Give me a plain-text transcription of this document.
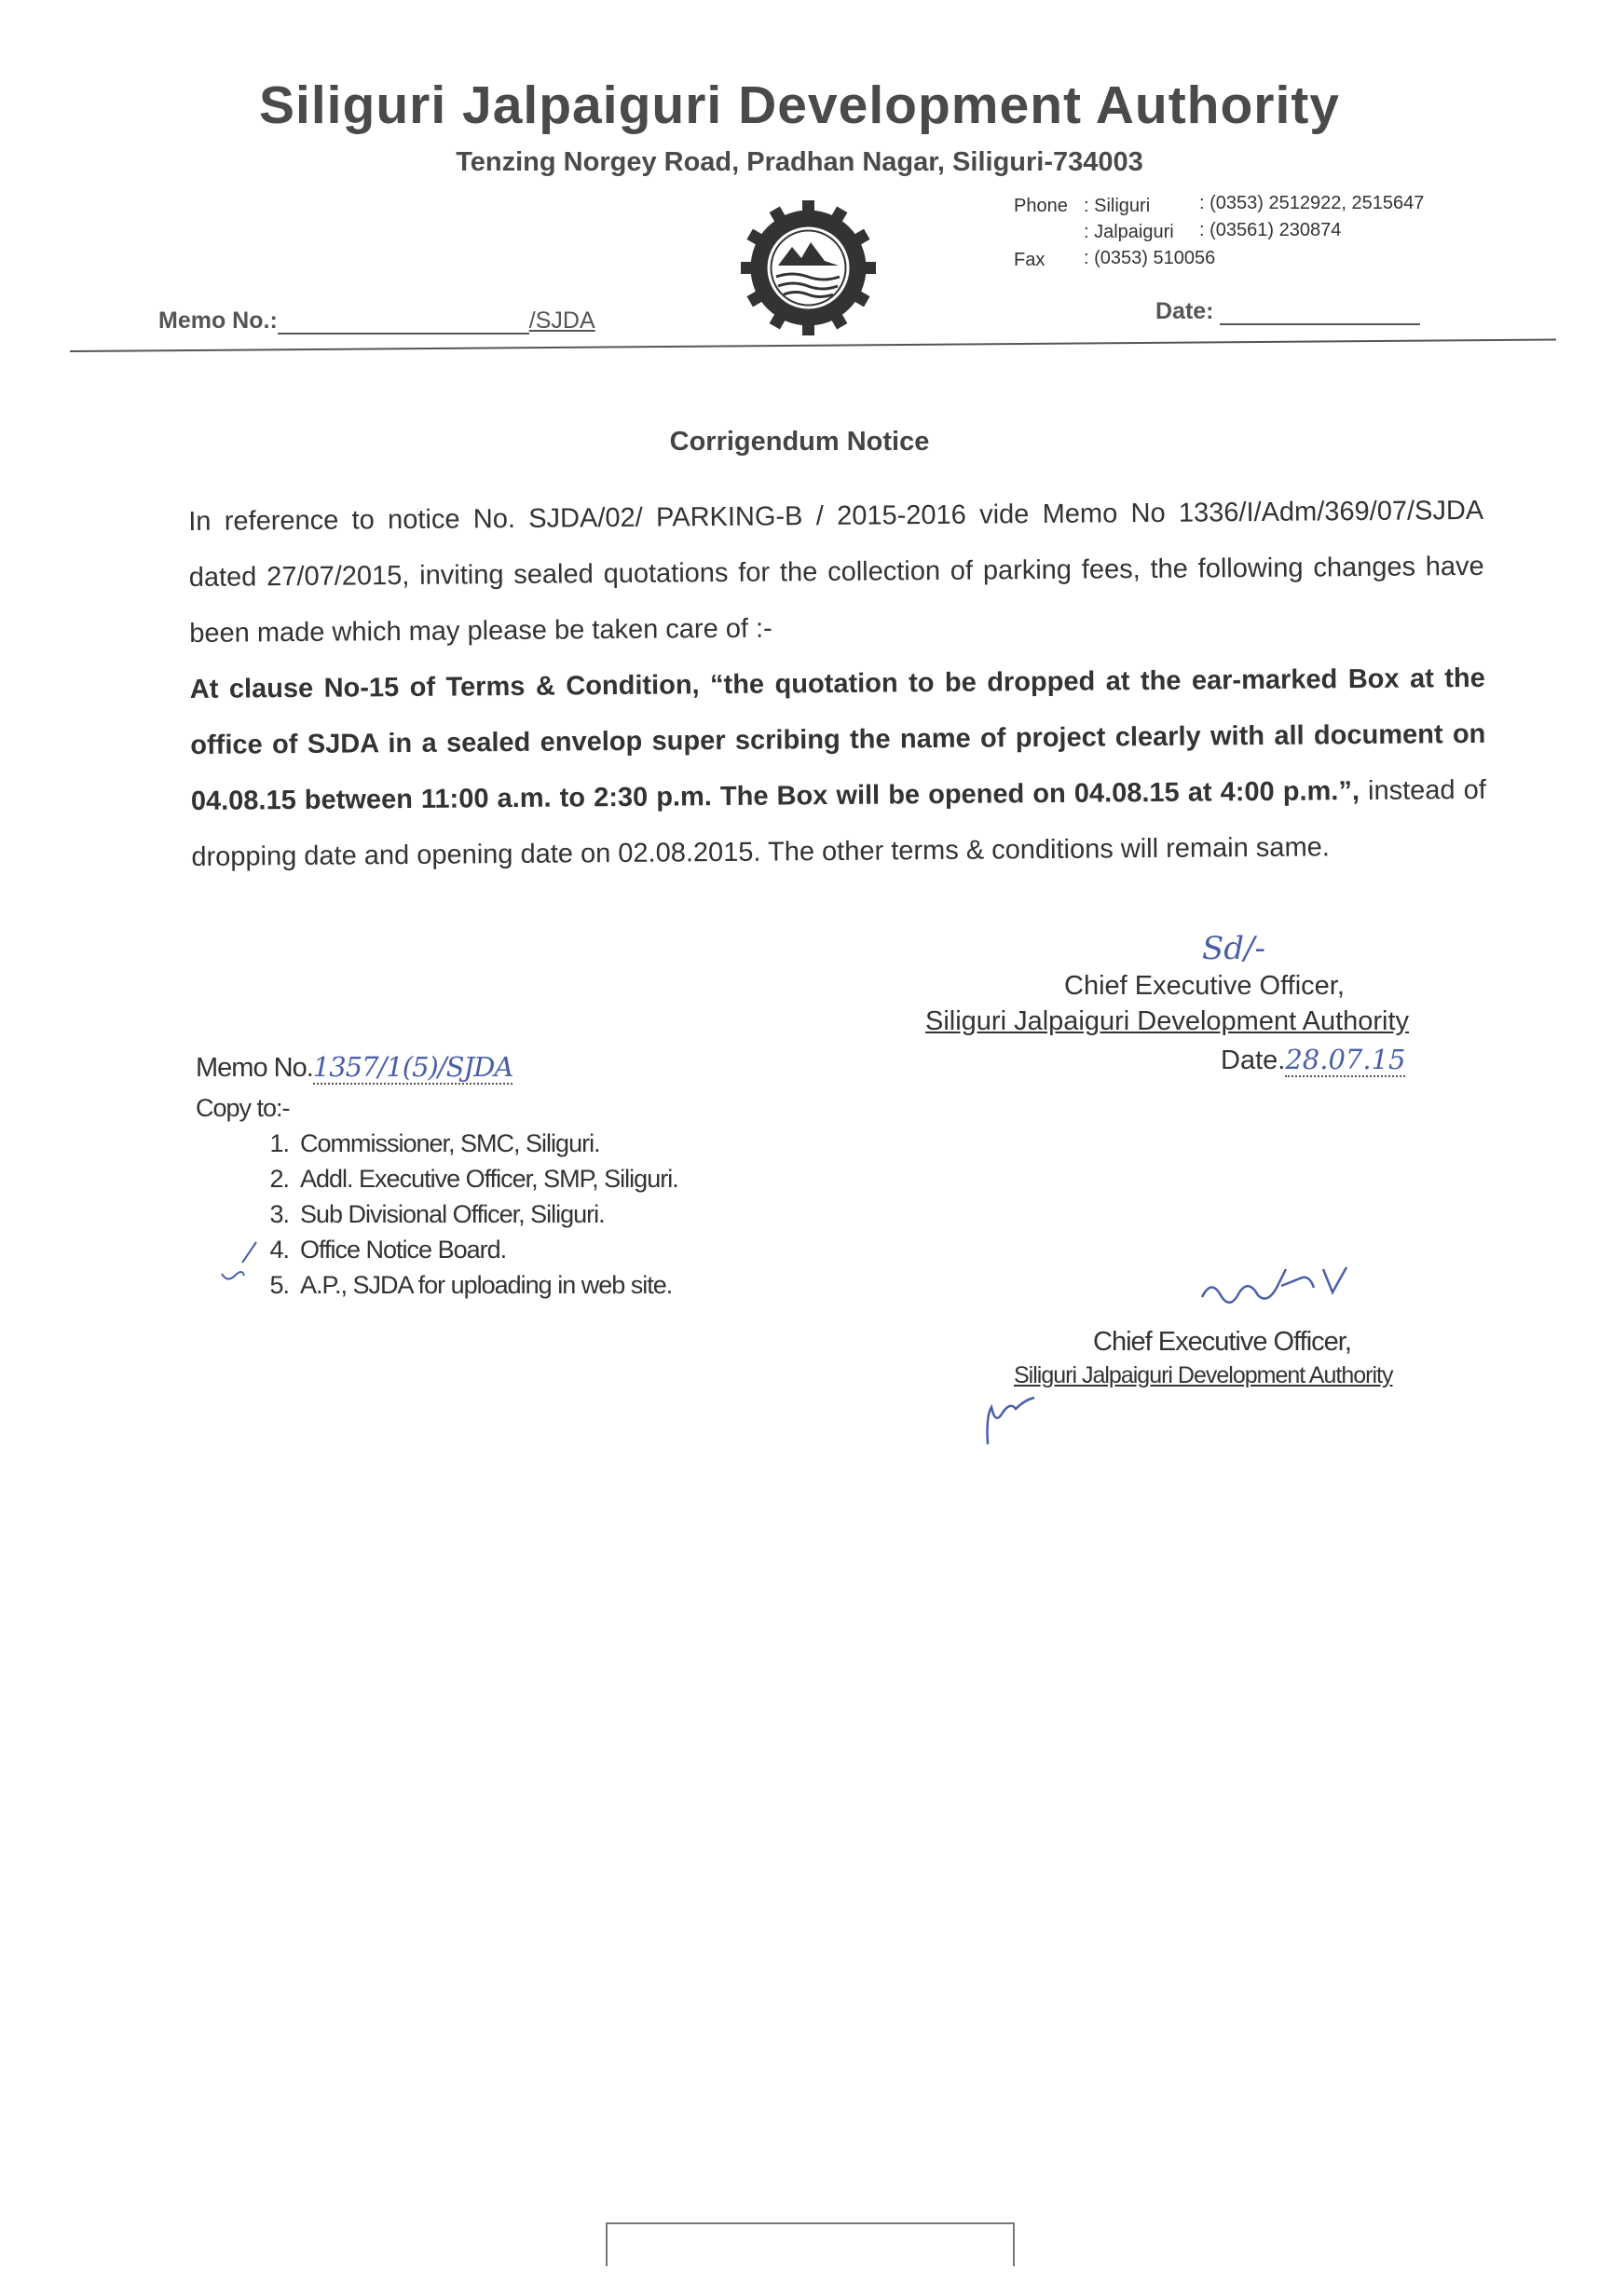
Siliguri Jalpaiguri Development Authority
Tenzing Norgey Road, Pradhan Nagar, Siliguri-734003
Phone : Siliguri	: (0353) 2512922, 2515647
: Jalpaiguri : (03561) 230874
Fax : (0353) 510056
Memo No.:	/SJDA	Date:
Corrigendum Notice
In reference to notice No. SJDA/02/ PARKING-B / 2015-2016 vide Memo No 1336/I/Adm/369/07/SJDA dated 27/07/2015, inviting sealed quotations for the collection of parking fees, the following changes have been made which may please be taken care of :-
At clause No-15 of Terms & Condition, “the quotation to be dropped at the ear-marked Box at the office of SJDA in a sealed envelop super scribing the name of project clearly with all document on 04.08.15 between 11:00 a.m. to 2:30 p.m. The Box will be opened on 04.08.15 at 4:00 p.m.”, instead of dropping date and opening date on 02.08.2015. The other terms & conditions will remain same.
Sd/-
Chief Executive Officer,
Siliguri Jalpaiguri Development Authority
Date.28.07.15
Memo No.1357/1(5)/SJDA
Copy to:-
1. Commissioner, SMC, Siliguri.
2. Addl. Executive Officer, SMP, Siliguri.
3. Sub Divisional Officer, Siliguri.
4. Office Notice Board.
5. A.P., SJDA for uploading in web site.
Chief Executive Officer,
Siliguri Jalpaiguri Development Authority
